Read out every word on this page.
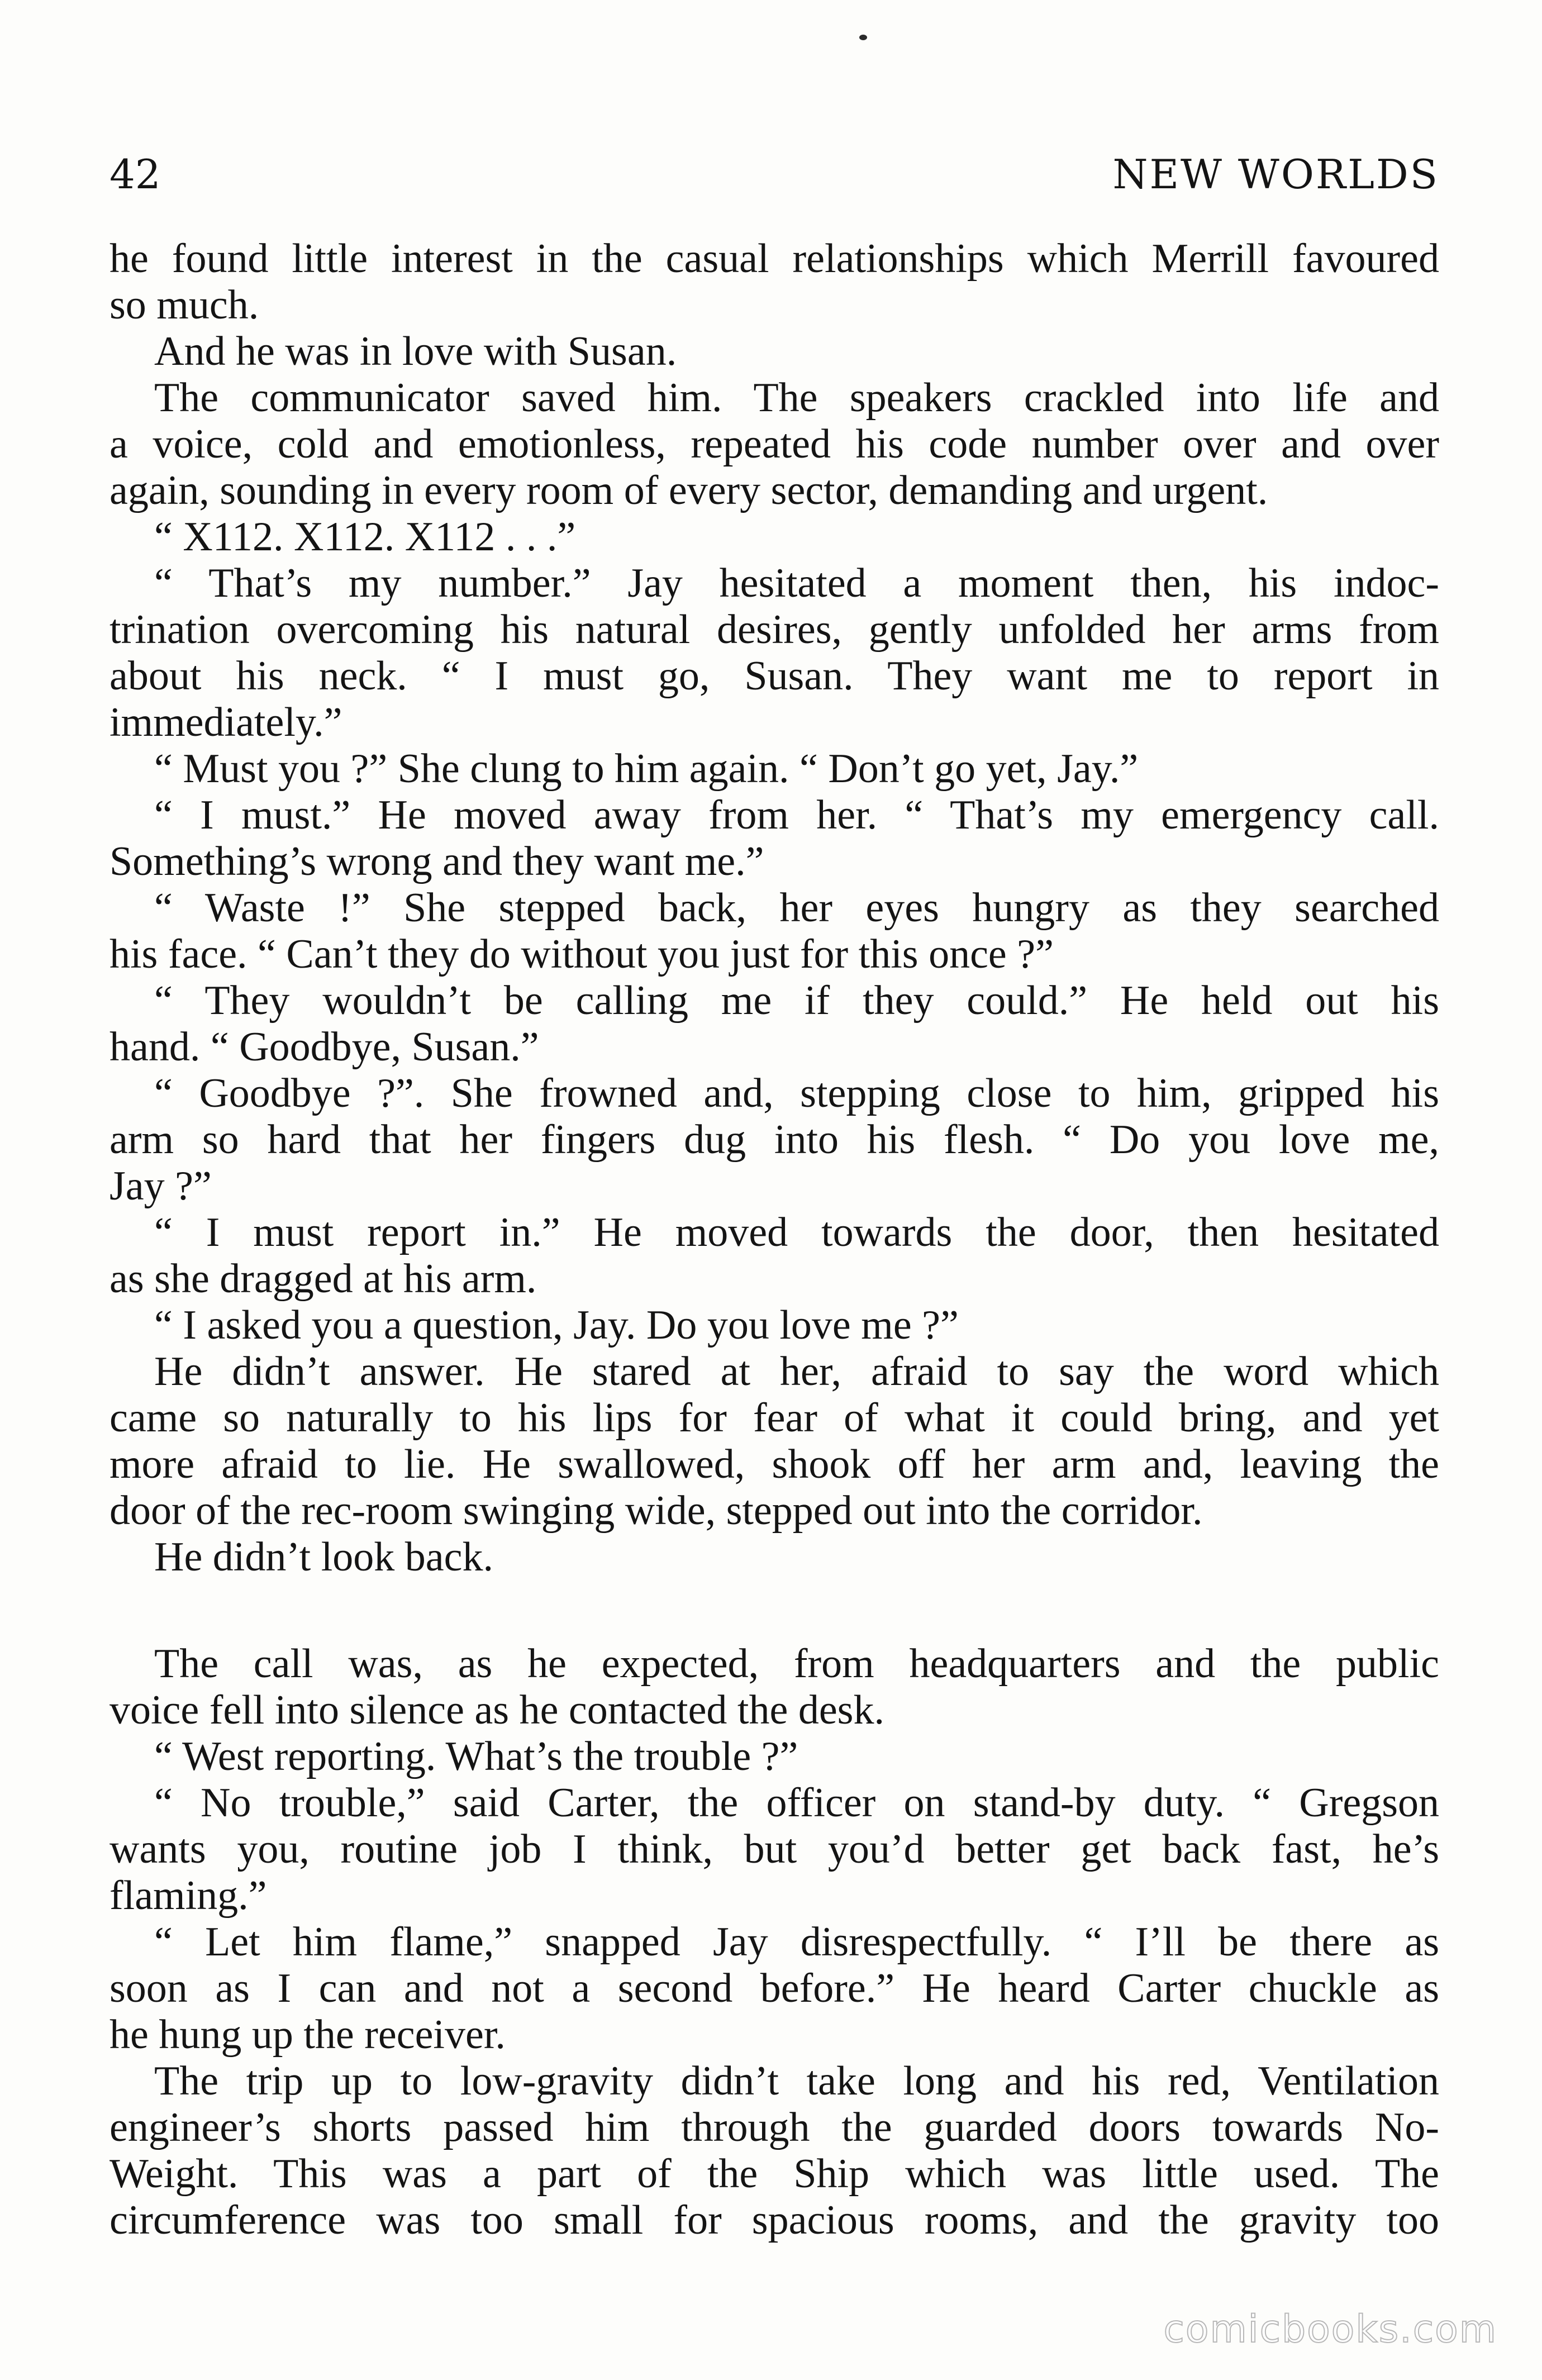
42	NEW WORLDS
he found little interest in the casual relationships which Merrill favoured
so much.
And he was in love with Susan.
The communicator saved him. The speakers crackled into life and
a voice, cold and emotionless, repeated his code number over and over
again, sounding in every room of every sector, demanding and urgent.
“ X112. X112. X112 . . .”
“ That’s my number.” Jay hesitated a moment then, his indoc-
trination overcoming his natural desires, gently unfolded her arms from
about his neck. “ I must go, Susan. They want me to report in
immediately.”
“ Must you ?” She clung to him again. “ Don’t go yet, Jay.”
“ I must.” He moved away from her. “ That’s my emergency call.
Something’s wrong and they want me.”
“ Waste !” She stepped back, her eyes hungry as they searched
his face. “ Can’t they do without you just for this once ?”
“ They wouldn’t be calling me if they could.” He held out his
hand. “ Goodbye, Susan.”
“ Goodbye ?”. She frowned and, stepping close to him, gripped his
arm so hard that her fingers dug into his flesh. “ Do you love me,
Jay ?”
“ I must report in.” He moved towards the door, then hesitated
as she dragged at his arm.
“ I asked you a question, Jay. Do you love me ?”
He didn’t answer. He stared at her, afraid to say the word which
came so naturally to his lips for fear of what it could bring, and yet
more afraid to lie. He swallowed, shook off her arm and, leaving the
door of the rec-room swinging wide, stepped out into the corridor.
He didn’t look back.
The call was, as he expected, from headquarters and the public
voice fell into silence as he contacted the desk.
“ West reporting. What’s the trouble ?”
“ No trouble,” said Carter, the officer on stand-by duty. “ Gregson
wants you, routine job I think, but you’d better get back fast, he’s
flaming.”
“ Let him flame,” snapped Jay disrespectfully. “ I’ll be there as
soon as I can and not a second before.” He heard Carter chuckle as
he hung up the receiver.
The trip up to low-gravity didn’t take long and his red, Ventilation
engineer’s shorts passed him through the guarded doors towards No-
Weight. This was a part of the Ship which was little used. The
circumference was too small for spacious rooms, and the gravity too
comicbooks.com
